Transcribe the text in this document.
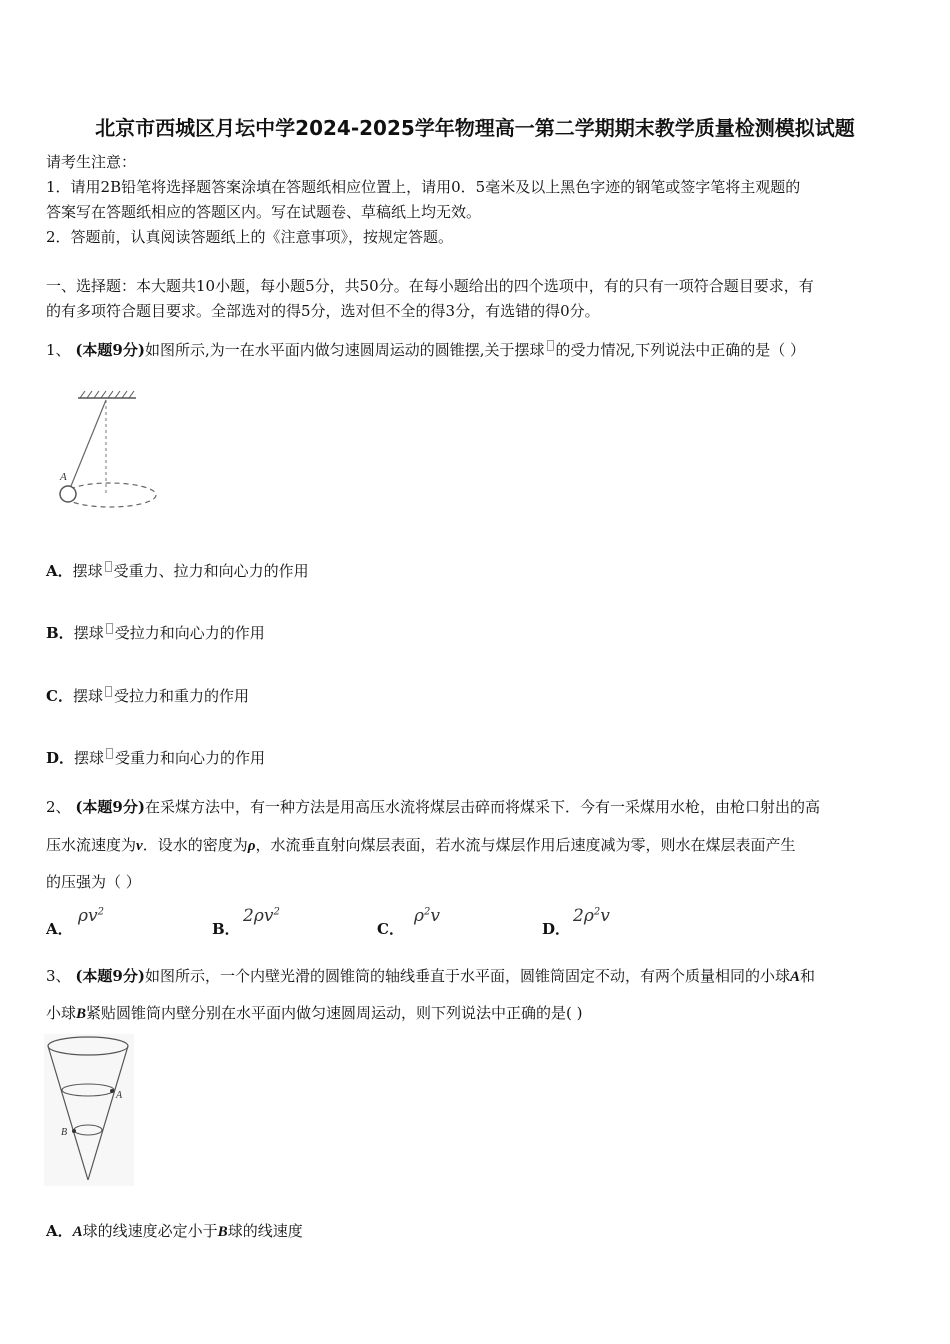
北京市西城区月坛中学2024-2025学年物理高一第二学期期末教学质量检测模拟试题
请考生注意：
1．请用2B铅笔将选择题答案涂填在答题纸相应位置上，请用0．5毫米及以上黑色字迹的钢笔或签字笔将主观题的
答案写在答题纸相应的答题区内。写在试题卷、草稿纸上均无效。
2．答题前，认真阅读答题纸上的《注意事项》，按规定答题。
一、选择题：本大题共10小题，每小题5分，共50分。在每小题给出的四个选项中，有的只有一项符合题目要求，有
的有多项符合题目要求。全部选对的得5分，选对但不全的得3分，有选错的得0分。
1、 (本题9分)如图所示,为一在水平面内做匀速圆周运动的圆锥摆,关于摆球 的受力情况,下列说法中正确的是（ ）
A
A．摆球 受重力、拉力和向心力的作用
B．摆球 受拉力和向心力的作用
C．摆球 受拉力和重力的作用
D．摆球 受重力和向心力的作用
2、 (本题9分)在采煤方法中，有一种方法是用高压水流将煤层击碎而将煤采下．今有一采煤用水枪，由枪口射出的高
压水流速度为v．设水的密度为ρ，水流垂直射向煤层表面，若水流与煤层作用后速度减为零，则水在煤层表面产生
的压强为（ ）
A．
$\rho v^2$
B．
$2\rho v^2$
C．
$\rho^2v$
D．
$2\rho^2v$
3、 (本题9分)如图所示，一个内壁光滑的圆锥筒的轴线垂直于水平面，圆锥筒固定不动，有两个质量相同的小球A和
小球B紧贴圆锥筒内壁分别在水平面内做匀速圆周运动，则下列说法中正确的是( )
A
B
A．A球的线速度必定小于B球的线速度
